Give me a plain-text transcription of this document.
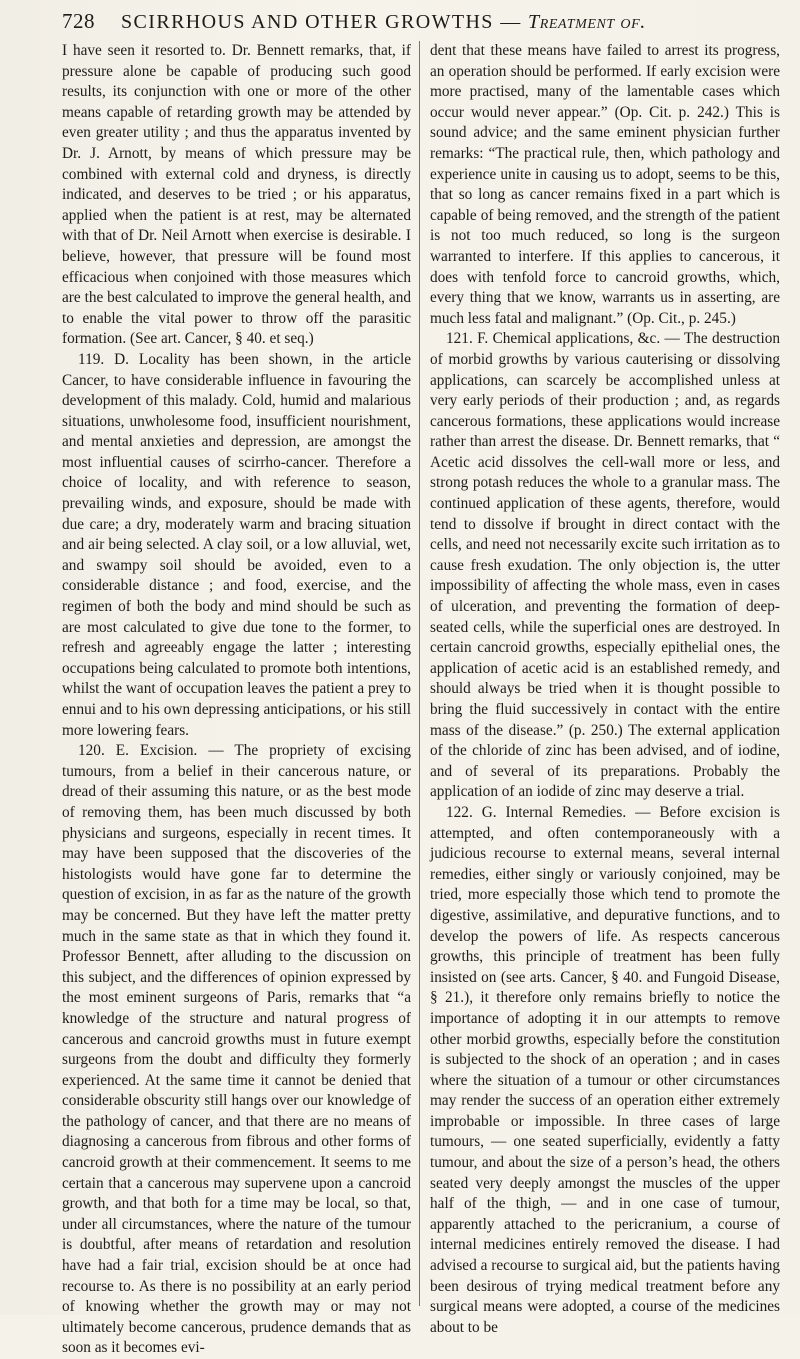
728 SCIRRHOUS AND OTHER GROWTHS — Treatment of.

I have seen it resorted to. Dr. Bennett remarks, that, if pressure alone be capable of producing such good results, its conjunction with one or more of the other means capable of retarding growth may be attended by even greater utility ; and thus the apparatus invented by Dr. J. Arnott, by means of which pressure may be combined with external cold and dryness, is directly indicated, and deserves to be tried ; or his apparatus, applied when the patient is at rest, may be alternated with that of Dr. Neil Arnott when exercise is desirable. I believe, however, that pressure will be found most efficacious when conjoined with those measures which are the best calculated to improve the general health, and to enable the vital power to throw off the parasitic formation. (See art. Cancer, § 40. et seq.)

119. D. Locality has been shown, in the article Cancer, to have considerable influence in favouring the development of this malady. Cold, humid and malarious situations, unwholesome food, insufficient nourishment, and mental anxieties and depression, are amongst the most influential causes of scirrho-cancer. Therefore a choice of locality, and with reference to season, prevailing winds, and exposure, should be made with due care; a dry, moderately warm and bracing situation and air being selected. A clay soil, or a low alluvial, wet, and swampy soil should be avoided, even to a considerable distance ; and food, exercise, and the regimen of both the body and mind should be such as are most calculated to give due tone to the former, to refresh and agreeably engage the latter ; interesting occupations being calculated to promote both intentions, whilst the want of occupation leaves the patient a prey to ennui and to his own depressing anticipations, or his still more lowering fears.

120. E. Excision. — The propriety of excising tumours, from a belief in their cancerous nature, or dread of their assuming this nature, or as the best mode of removing them, has been much discussed by both physicians and surgeons, especially in recent times. It may have been supposed that the discoveries of the histologists would have gone far to determine the question of excision, in as far as the nature of the growth may be concerned. But they have left the matter pretty much in the same state as that in which they found it. Professor Bennett, after alluding to the discussion on this subject, and the differences of opinion expressed by the most eminent surgeons of Paris, remarks that “a knowledge of the structure and natural progress of cancerous and cancroid growths must in future exempt surgeons from the doubt and difficulty they formerly experienced. At the same time it cannot be denied that considerable obscurity still hangs over our knowledge of the pathology of cancer, and that there are no means of diagnosing a cancerous from fibrous and other forms of cancroid growth at their commencement. It seems to me certain that a cancerous may supervene upon a cancroid growth, and that both for a time may be local, so that, under all circumstances, where the nature of the tumour is doubtful, after means of retardation and resolution have had a fair trial, excision should be at once had recourse to. As there is no possibility at an early period of knowing whether the growth may or may not ultimately become cancerous, prudence demands that as soon as it becomes evi-

dent that these means have failed to arrest its progress, an operation should be performed. If early excision were more practised, many of the lamentable cases which occur would never appear.” (Op. Cit. p. 242.) This is sound advice; and the same eminent physician further remarks: “The practical rule, then, which pathology and experience unite in causing us to adopt, seems to be this, that so long as cancer remains fixed in a part which is capable of being removed, and the strength of the patient is not too much reduced, so long is the surgeon warranted to interfere. If this applies to cancerous, it does with tenfold force to cancroid growths, which, every thing that we know, warrants us in asserting, are much less fatal and malignant.” (Op. Cit., p. 245.)

121. F. Chemical applications, &c. — The destruction of morbid growths by various cauterising or dissolving applications, can scarcely be accomplished unless at very early periods of their production ; and, as regards cancerous formations, these applications would increase rather than arrest the disease. Dr. Bennett remarks, that “ Acetic acid dissolves the cell-wall more or less, and strong potash reduces the whole to a granular mass. The continued application of these agents, therefore, would tend to dissolve if brought in direct contact with the cells, and need not necessarily excite such irritation as to cause fresh exudation. The only objection is, the utter impossibility of affecting the whole mass, even in cases of ulceration, and preventing the formation of deep-seated cells, while the superficial ones are destroyed. In certain cancroid growths, especially epithelial ones, the application of acetic acid is an established remedy, and should always be tried when it is thought possible to bring the fluid successively in contact with the entire mass of the disease.” (p. 250.) The external application of the chloride of zinc has been advised, and of iodine, and of several of its preparations. Probably the application of an iodide of zinc may deserve a trial.

122. G. Internal Remedies. — Before excision is attempted, and often contemporaneously with a judicious recourse to external means, several internal remedies, either singly or variously conjoined, may be tried, more especially those which tend to promote the digestive, assimilative, and depurative functions, and to develop the powers of life. As respects cancerous growths, this principle of treatment has been fully insisted on (see arts. Cancer, § 40. and Fungoid Disease, § 21.), it therefore only remains briefly to notice the importance of adopting it in our attempts to remove other morbid growths, especially before the constitution is subjected to the shock of an operation ; and in cases where the situation of a tumour or other circumstances may render the success of an operation either extremely improbable or impossible. In three cases of large tumours, — one seated superficially, evidently a fatty tumour, and about the size of a person’s head, the others seated very deeply amongst the muscles of the upper half of the thigh, — and in one case of tumour, apparently attached to the pericranium, a course of internal medicines entirely removed the disease. I had advised a recourse to surgical aid, but the patients having been desirous of trying medical treatment before any surgical means were adopted, a course of the medicines about to be
